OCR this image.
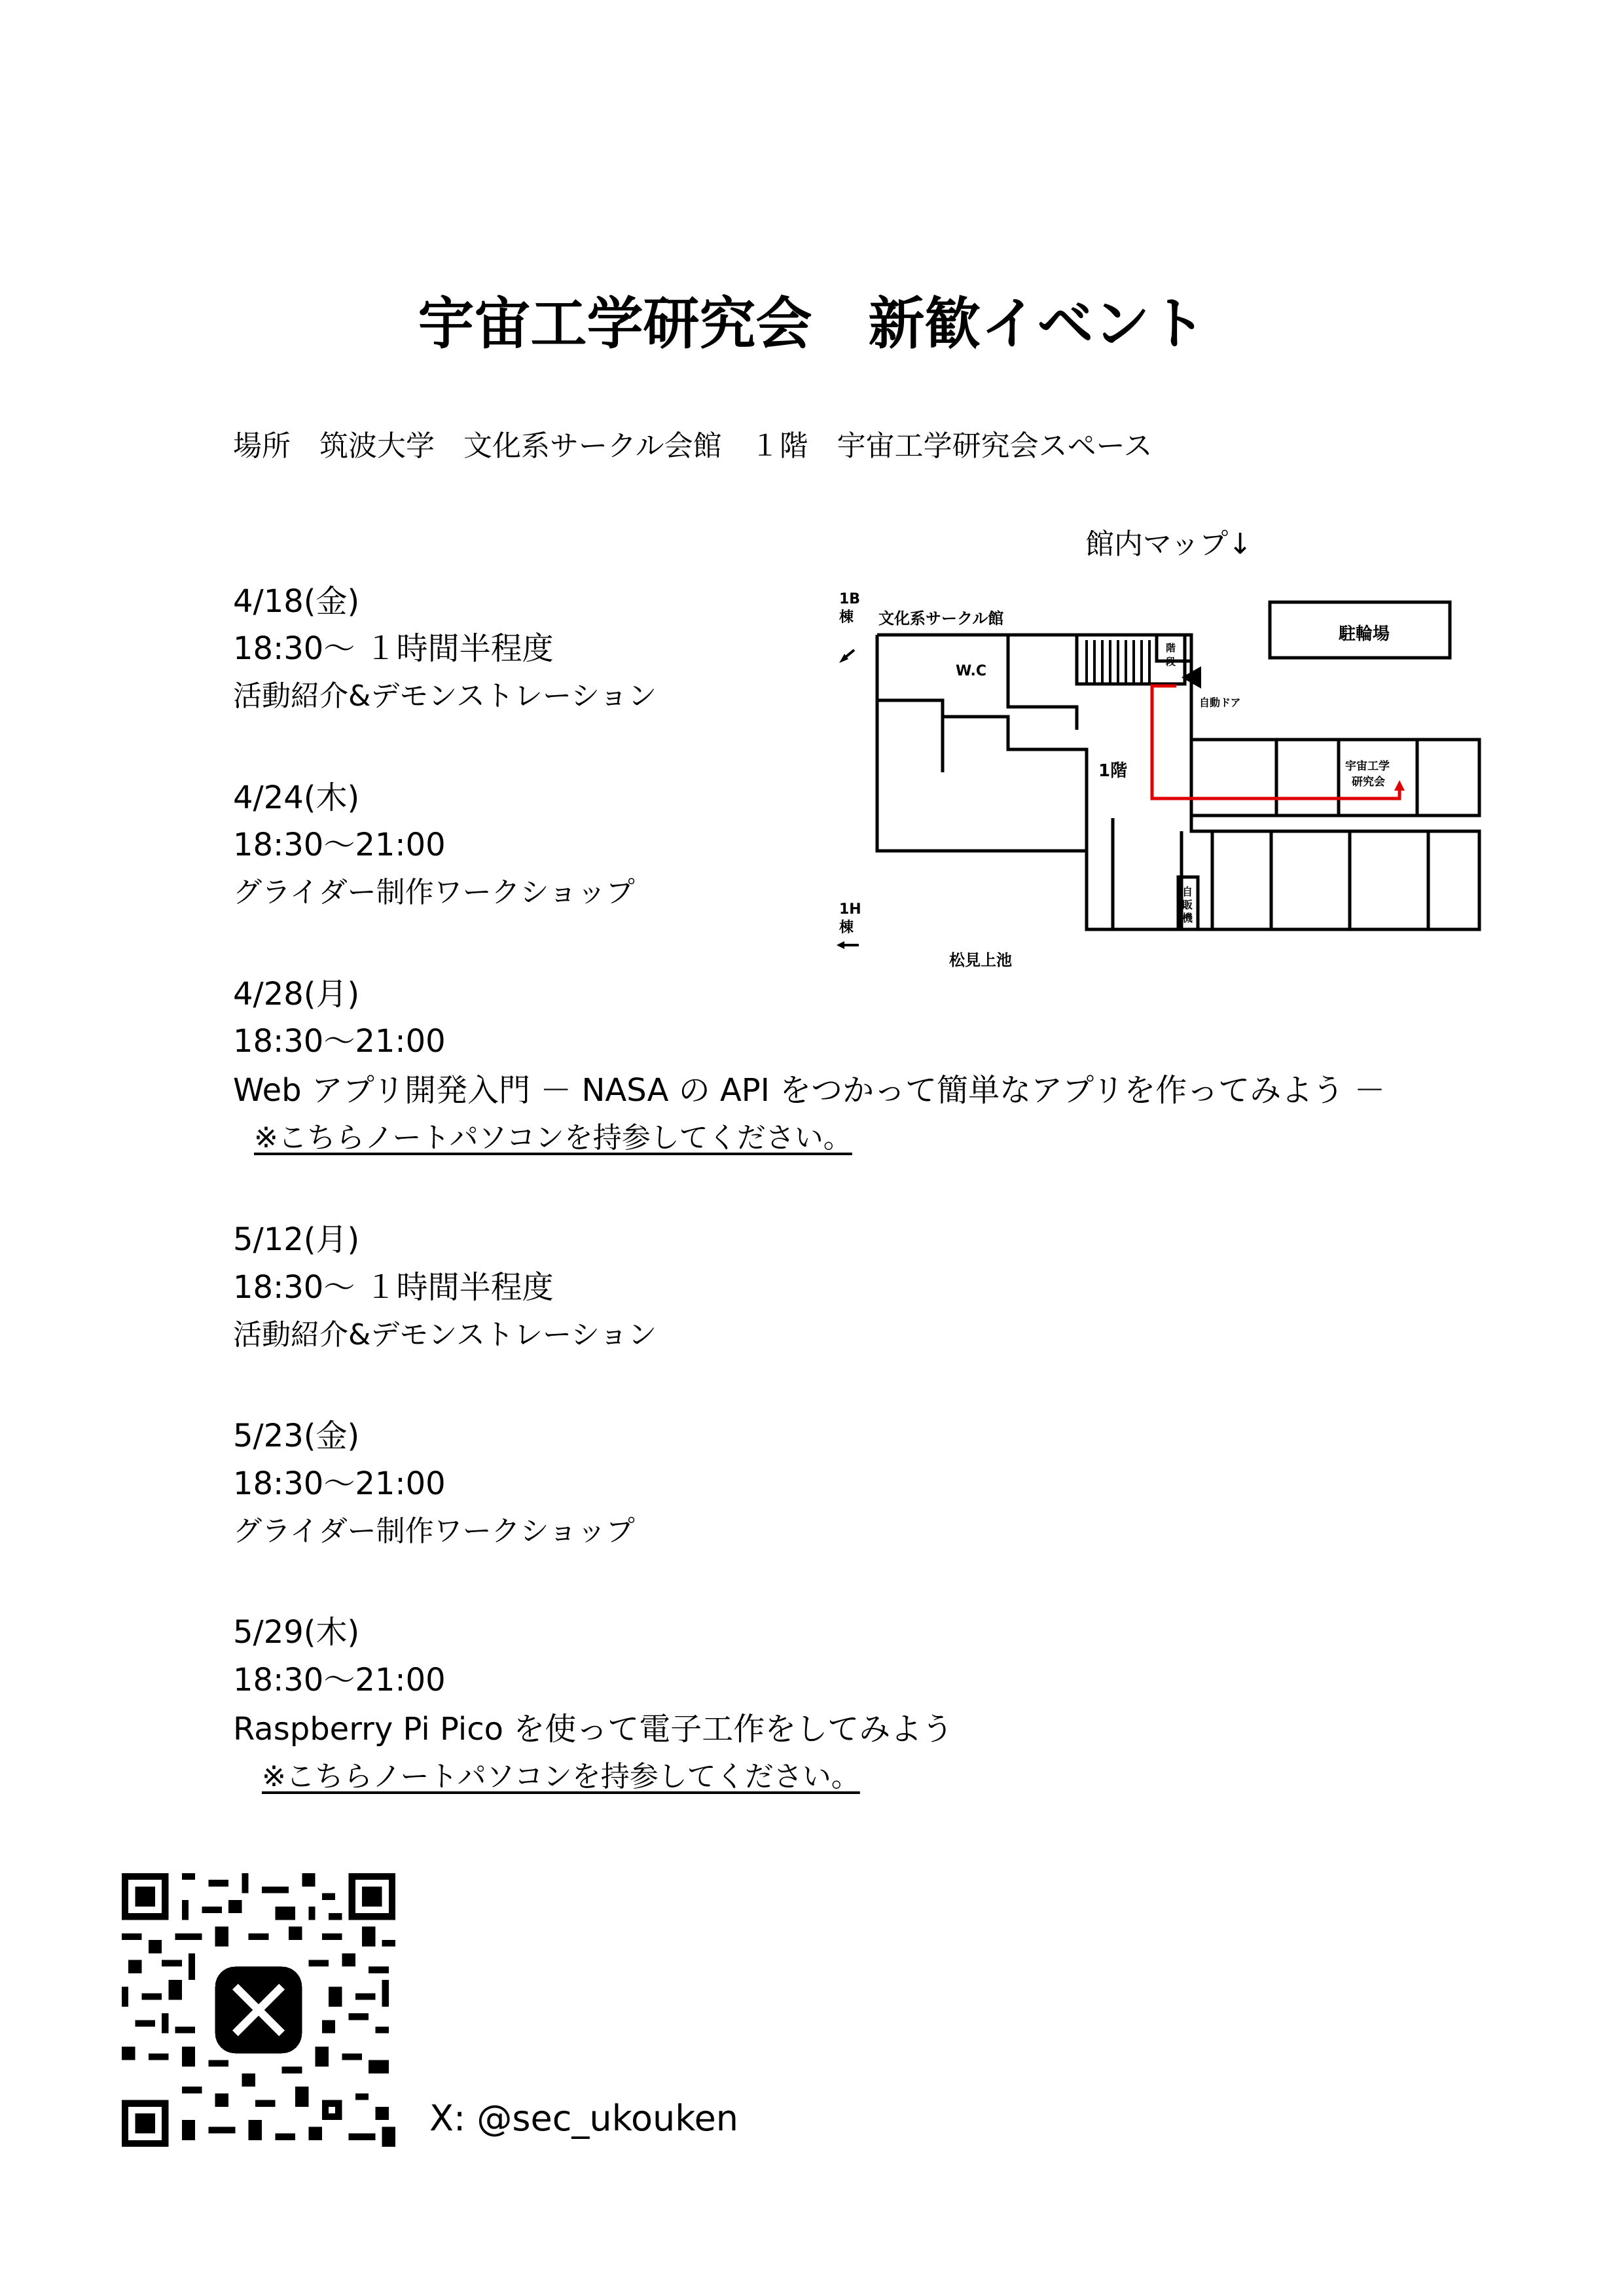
宇宙工学研究会　新歓イベント
場所　筑波大学　文化系サークル会館　１階　宇宙工学研究会スペース
館内マップ↓
4/18(金)
18:30～ １時間半程度
活動紹介&デモンストレーション
4/24(木)
18:30～21:00
グライダー制作ワークショップ
4/28(月)
18:30～21:00
Web アプリ開発入門 － NASA の API をつかって簡単なアプリを作ってみよう －
※こちらノートパソコンを持参してください。
5/12(月)
18:30～ １時間半程度
活動紹介&デモンストレーション
5/23(金)
18:30～21:00
グライダー制作ワークショップ
5/29(木)
18:30～21:00
Raspberry Pi Pico を使って電子工作をしてみよう
※こちらノートパソコンを持参してください。
1B
棟 文化系サークル館
W.C
階
段
自動ドア
1階
駐輪場
宇宙工学
研究会
自
販
機
1H
棟
松見上池
X: @sec_ukouken
